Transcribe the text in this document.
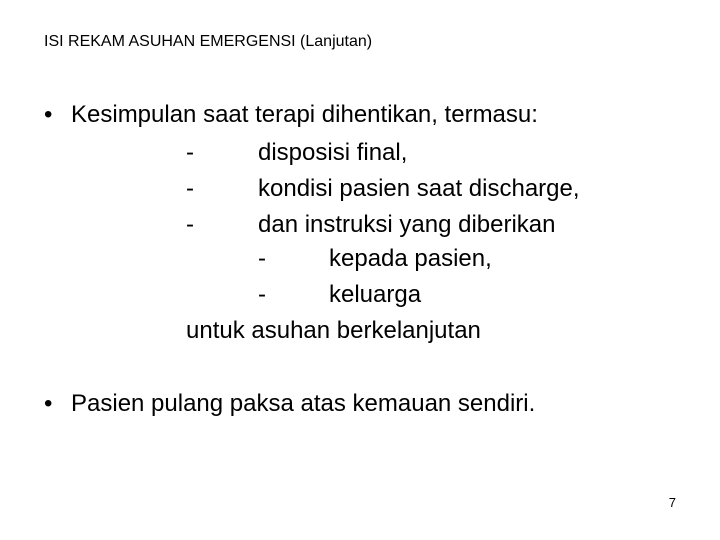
ISI REKAM ASUHAN EMERGENSI (Lanjutan)
• Kesimpulan saat terapi dihentikan, termasu:
-	disposisi final,
-	kondisi pasien saat discharge,
-	dan instruksi yang diberikan
-	kepada pasien,
-	keluarga
untuk asuhan berkelanjutan
• Pasien pulang paksa atas kemauan sendiri.
7
